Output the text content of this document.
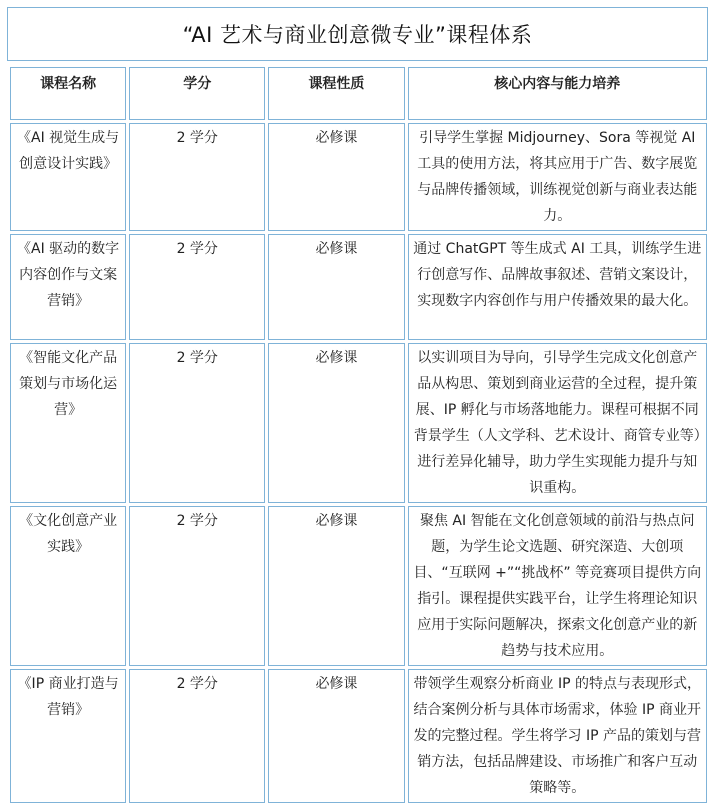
“AI 艺术与商业创意微专业”课程体系
课程名称	学分	课程性质	核心内容与能力培养
《AI 视觉生成与创意设计实践》	2 学分	必修课	引导学生掌握 Midjourney、Sora 等视觉 AI 工具的使用方法，将其应用于广告、数字展览与品牌传播领域，训练视觉创新与商业表达能力。
《AI 驱动的数字内容创作与文案营销》	2 学分	必修课	通过 ChatGPT 等生成式 AI 工具，训练学生进行创意写作、品牌故事叙述、营销文案设计，实现数字内容创作与用户传播效果的最大化。
《智能文化产品策划与市场化运营》	2 学分	必修课	以实训项目为导向，引导学生完成文化创意产品从构思、策划到商业运营的全过程，提升策展、IP 孵化与市场落地能力。课程可根据不同背景学生（人文学科、艺术设计、商管专业等）进行差异化辅导，助力学生实现能力提升与知识重构。
《文化创意产业实践》	2 学分	必修课	聚焦 AI 智能在文化创意领域的前沿与热点问题，为学生论文选题、研究深造、大创项目、“互联网 +”“挑战杯” 等竞赛项目提供方向指引。课程提供实践平台，让学生将理论知识应用于实际问题解决，探索文化创意产业的新趋势与技术应用。
《IP 商业打造与营销》	2 学分	必修课	带领学生观察分析商业 IP 的特点与表现形式，结合案例分析与具体市场需求，体验 IP 商业开发的完整过程。学生将学习 IP 产品的策划与营销方法，包括品牌建设、市场推广和客户互动策略等。
